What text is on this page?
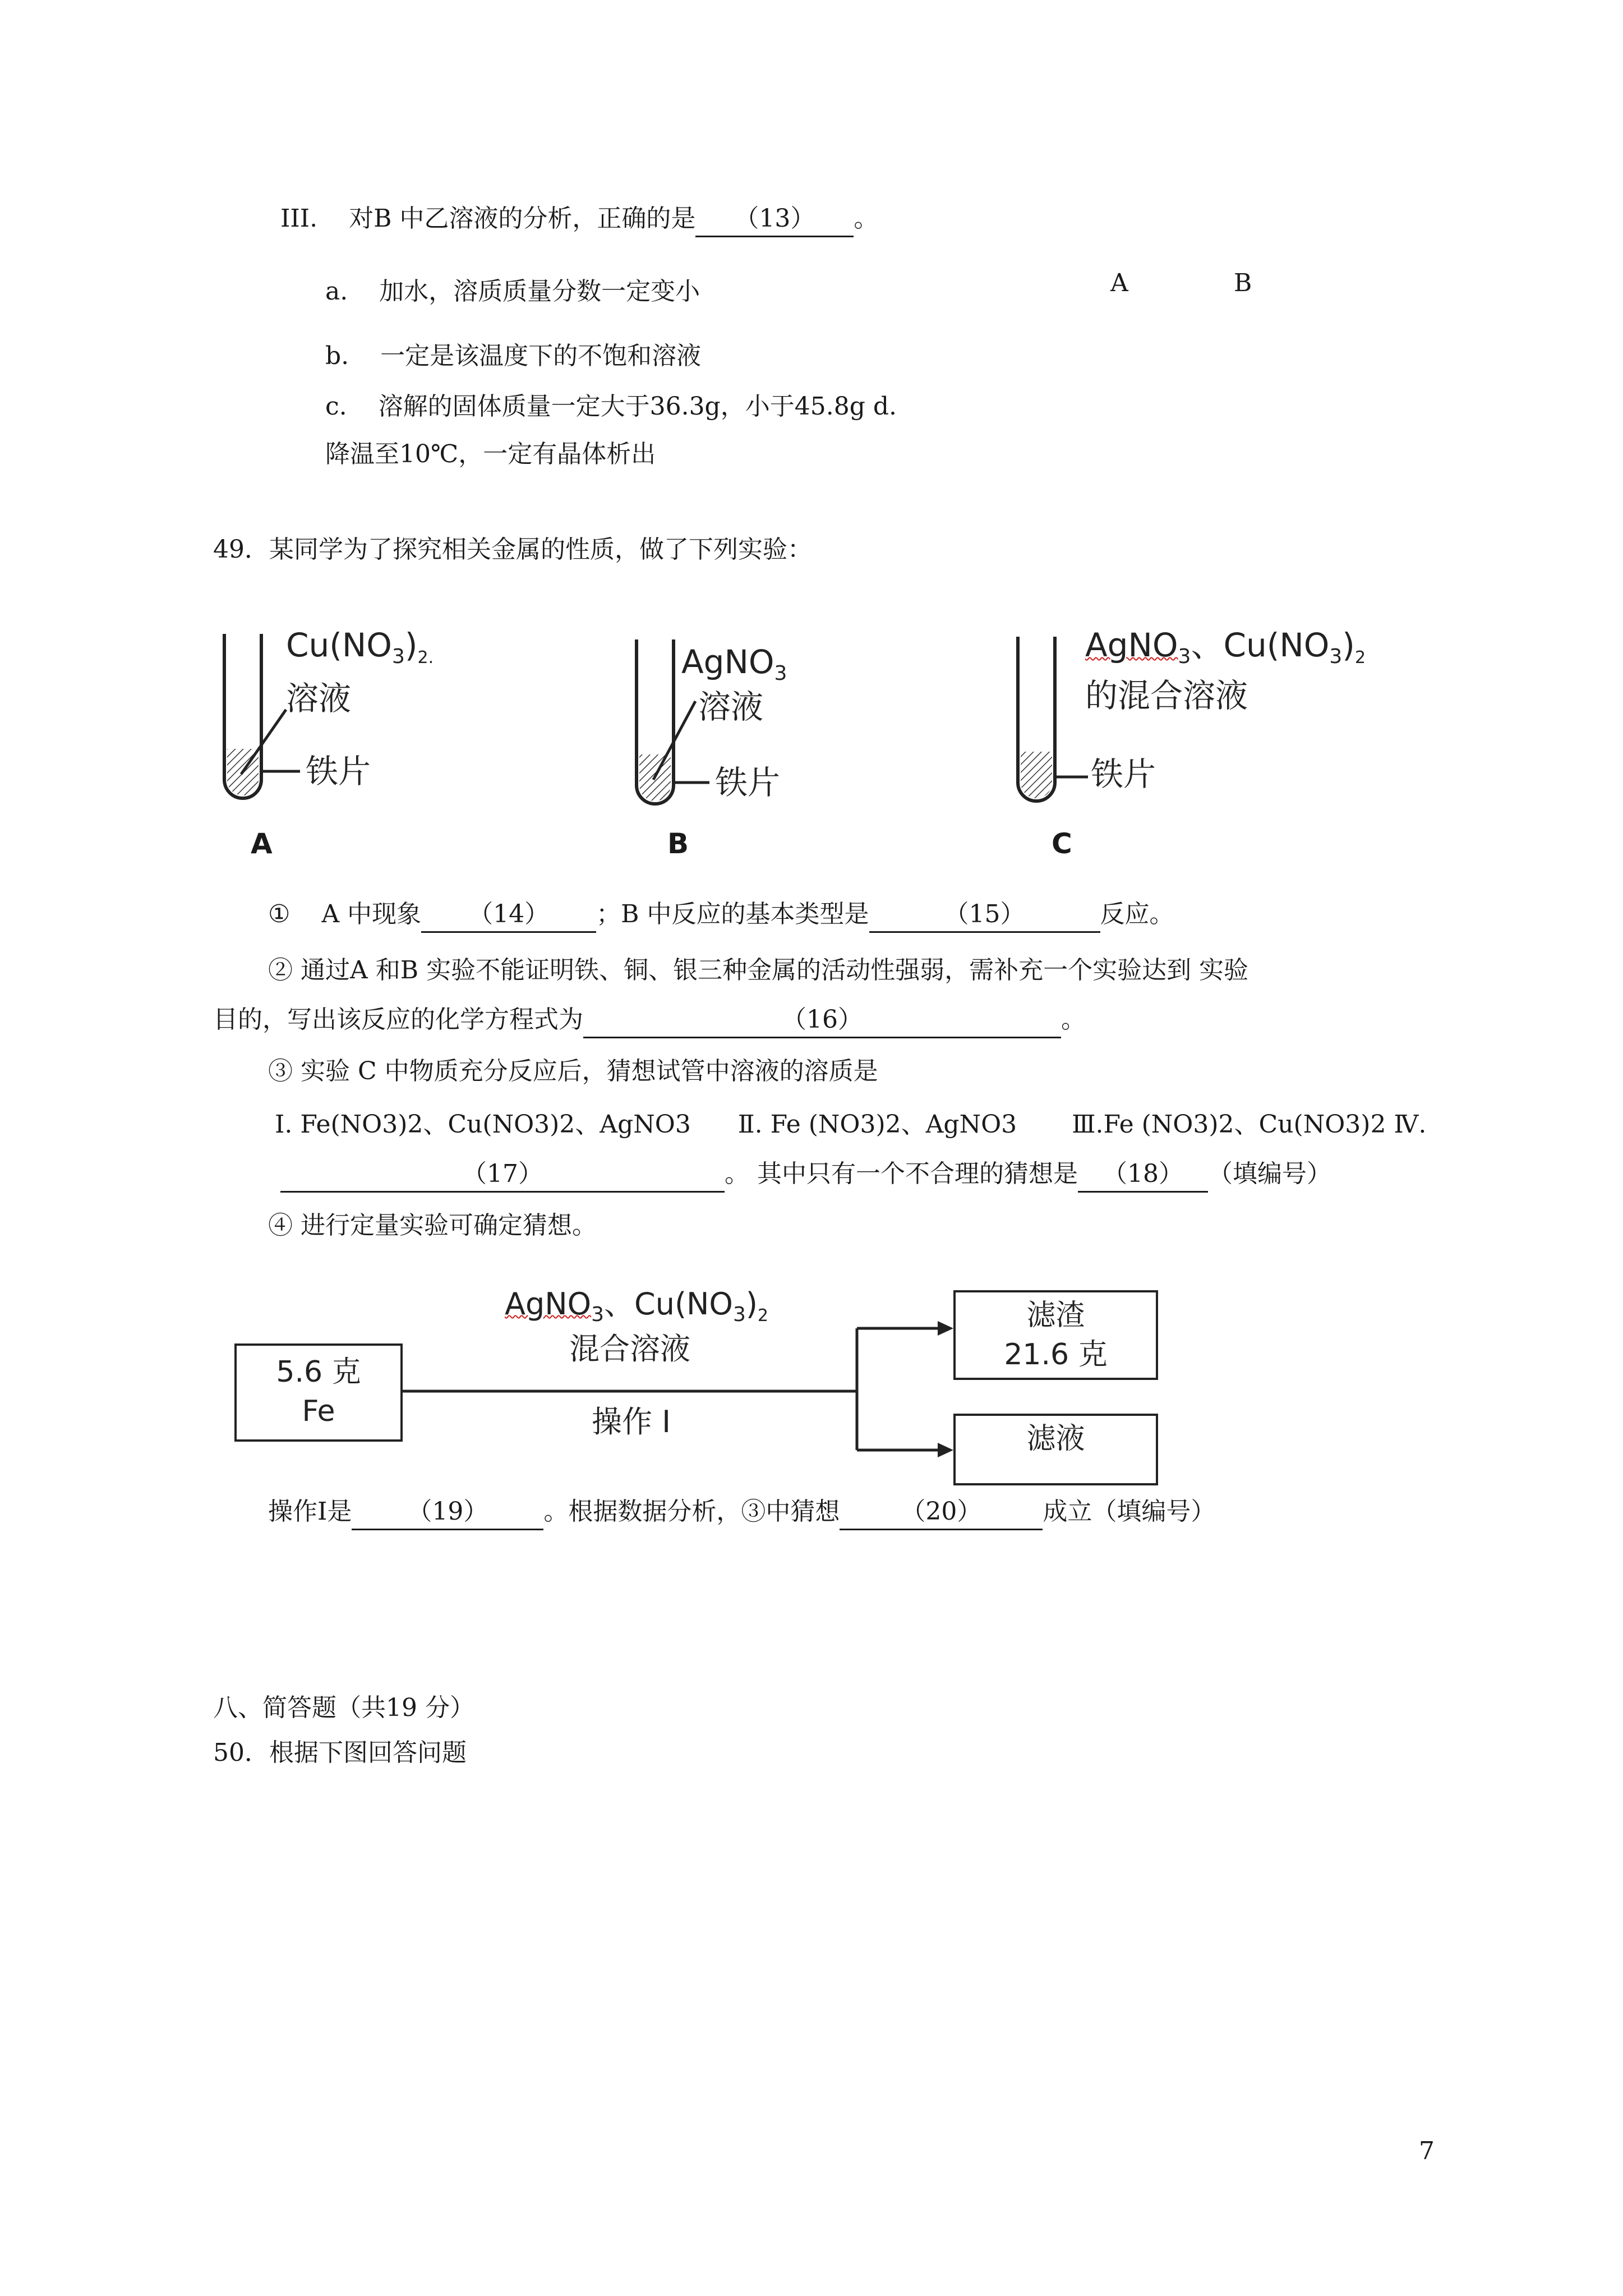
III. 对B 中乙溶液的分析，正确的是 （13） 。
a. 加水，溶质质量分数一定变小	A	B
b. 一定是该温度下的不饱和溶液
c. 溶解的固体质量一定大于36.3g，小于45.8g d.
降温至10℃，一定有晶体析出
49．某同学为了探究相关金属的性质，做了下列实验：
$Cu(NO_3)_{2.}$
溶液
铁片
A
AgNO$_3$
溶液
铁片
B
AgNO$_3$、$Cu(NO_3)_2$
的混合溶液
铁片
C
① A 中现象 （14） ；B 中反应的基本类型是	（15）	反应。
② 通过A 和B 实验不能证明铁、铜、银三种金属的活动性强弱，需补充一个实验达到 实验
目的，写出该反应的化学方程式为	（16）	。
③ 实验 C 中物质充分反应后，猜想试管中溶液的溶质是
Ⅰ. Fe(NO3)2、Cu(NO3)2、AgNO3 Ⅱ. Fe (NO3)2、AgNO3 Ⅲ.Fe (NO3)2、Cu(NO3)2 Ⅳ.
（17）	。 其中只有一个不合理的猜想是 （18） （填编号）
④ 进行定量实验可确定猜想。
5.6 克
Fe
AgNO$_3$、$Cu(NO_3)_2$
混合溶液
操作 I
滤渣
21.6 克
滤液
操作Ⅰ是 （19） 。根据数据分析，③中猜想 （20） 成立（填编号）
八、简答题（共19 分）
50．根据下图回答问题
7
